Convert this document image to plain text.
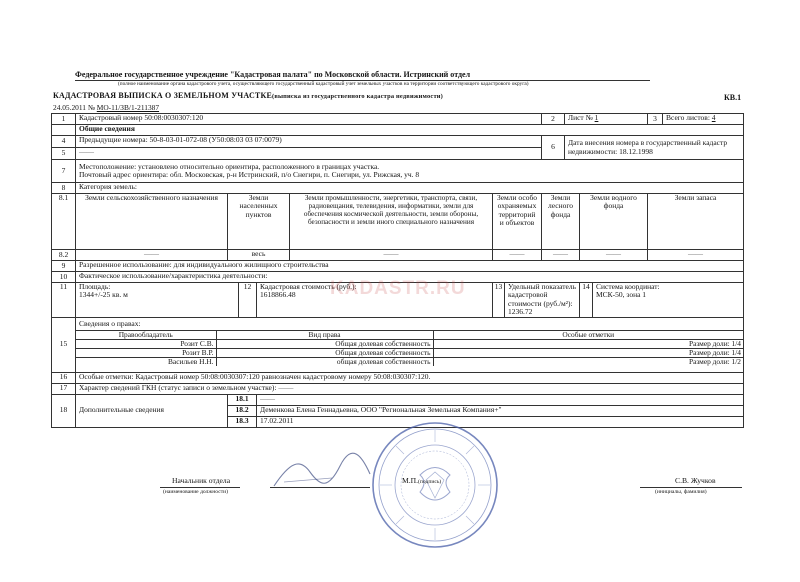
Федеральное государственное учреждение "Кадастровая палата" по Московской области. Истринский отдел
(полное наименование органа кадастрового учета, осуществляющего государственный кадастровый учет земельных участков на территории соответствующего кадастрового округа)
КАДАСТРОВАЯ ВЫПИСКА О ЗЕМЕЛЬНОМ УЧАСТКЕ(выписка из государственного кадастра недвижимости)	КВ.1
24.05.2011 № МО-11/ЗВ/1-211387
1	Кадастровый номер 50:08:0030307:120	2	Лист № 1	3	Всего листов: 4
	Общие сведения
4	Предыдущие номера: 50-8-03-01-072-08 (У50:08:03 03 07:0079)	6	Дата внесения номера в государственный кадастр недвижимости: 18.12.1998
5	——
7	Местоположение: установлено относительно ориентира, расположенного в границах участка.
Почтовый адрес ориентира: обл. Московская, р-н Истринский, п/о Снегири, п. Снегири, ул. Рижская, уч. 8

8	Категория земель:
8.1	Земли сельскохозяйственного назначения	Земли населенных пунктов	Земли промышленности, энергетики, транспорта, связи, радиовещания, телевидения, информатики, земли для обеспечения космической деятельности, земли обороны, безопасности и земли иного специального назначения	Земли особо охраняемых территорий и объектов	Земли лесного фонда	Земли водного фонда	Земли запаса	
8.2	——	весь	——	——	——	——	——	
9	Разрешенное использование: для индивидуального жилищного строительства
10	Фактическое использование/характеристика деятельности:
11	Площадь:
1344+/-25 кв. м
	12	Кадастровая стоимость (руб.):
1618866.48
	13	Удельный показатель кадастровой стоимости (руб./м²):
1236.72
	14	Система координат:
МСК-50, зона 1

15	
Сведения о правах:
Правообладатель	Вид права	Особые отметки
Розит С.В.	Общая долевая собственность	Размер доли: 1/4
Розит В.Р.	Общая долевая собственность	Размер доли: 1/4
Васильев Н.Н.	общая долевая собственность	Размер доли: 1/2

16	Особые отметки: Кадастровый номер 50:08:0030307:120 равнозначен кадастровому номеру 50:08:030307:120.
17	Характер сведений ГКН (статус записи о земельном участке): ——
18	Дополнительные сведения	18.1	——
18.2	Деменкова Елена Геннадьевна, ООО "Региональная Земельная Компания+"
18.3	17.02.2011
KADASTR.RU
Начальник отдела
(наименование должности)
М.П.(подпись)	С.В. Жучков
(инициалы, фамилия)
